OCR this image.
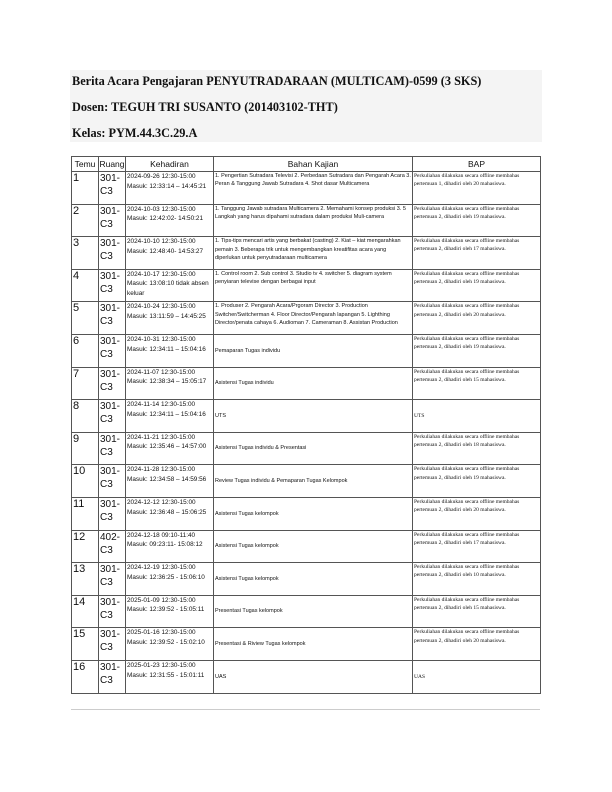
Berita Acara Pengajaran PENYUTRADARAAN (MULTICAM)-0599 (3 SKS)
Dosen: TEGUH TRI SUSANTO (201403102-THT)
Kelas: PYM.44.3C.29.A
Temu	Ruang	Kehadiran	Bahan Kajian	BAP
1	301-C3	2024-09-26 12:30-15:00
Masuk: 12:33:14 – 14:45:21	1. Pengertian Sutradara Televisi 2. Perbedaan Sutradara dan Pengarah Acara 3. Peran & Tanggung Jawab Sutradara 4. Shot dasar Multicamera	Perkuliahan dilakukan secara offline membahas pertemuan 1, dihadiri oleh 20 mahasiswa.
2	301-C3	2024-10-03 12:30-15:00
Masuk: 12:42:02- 14:50:21	1. Tanggung Jawab sutradara Multicamera 2. Memahami konsep produksi 3. 5 Langkah yang harus dipahami sutradara dalam produksi Muli-camera	Perkuliahan dilakukan secara offline membahas pertemuan 2, dihadiri oleh 19 mahasiswa.
3	301-C3	2024-10-10 12:30-15:00
Masuk: 12:48:40- 14:53:27	1. Tips-tips mencari artis yang berbakat (casting) 2. Kiat – kiat mengarahkan pemain 3. Beberapa trik untuk mengembangkan kreatifitas acara yang diperlukan untuk penyutradaraan multicamera	Perkuliahan dilakukan secara offline membahas pertemuan 2, dihadiri oleh 17 mahasiswa.
4	301-C3	2024-10-17 12:30-15:00
Masuk: 13:08:10 tidak absen keluar	1. Control room 2. Sub control 3. Studio tv 4. switcher 5. diagram system penyiaran televise dengan berbagai input	Perkuliahan dilakukan secara offline membahas pertemuan 2, dihadiri oleh 19 mahasiswa.
5	301-C3	2024-10-24 12:30-15:00
Masuk: 13:11:59 – 14:45:25	1. Produser 2. Pengarah Acara/Prgoram Director 3. Production Switcher/Switcherman 4. Floor Director/Pengarah lapangan 5. Lighthing Director/penata cahaya 6. Audioman 7. Cameraman 8. Assistan Production	Perkuliahan dilakukan secara offline membahas pertemuan 2, dihadiri oleh 20 mahasiswa.
6	301-C3	2024-10-31 12:30-15:00
Masuk: 12:34:11 – 15:04:16	Pemaparan Tugas individu	Perkuliahan dilakukan secara offline membahas pertemuan 2, dihadiri oleh 19 mahasiswa.
7	301-C3	2024-11-07 12:30-15:00
Masuk: 12:38:34 – 15:05:17	Asistensi Tugas individu	Perkuliahan dilakukan secara offline membahas pertemuan 2, dihadiri oleh 15 mahasiswa.
8	301-C3	2024-11-14 12:30-15:00
Masuk: 12:34:11 – 15:04:16	UTS	UTS
9	301-C3	2024-11-21 12:30-15:00
Masuk: 12:35:46 – 14:57:00	Asistensi Tugas individu & Presentasi	Perkuliahan dilakukan secara offline membahas pertemuan 2, dihadiri oleh 18 mahasiswa.
10	301-C3	2024-11-28 12:30-15:00
Masuk: 12:34:58 – 14:59:56	Review Tugas individu & Pemaparan Tugas Kelompok	Perkuliahan dilakukan secara offline membahas pertemuan 2, dihadiri oleh 19 mahasiswa.
11	301-C3	2024-12-12 12:30-15:00
Masuk: 12:36:48 – 15:06:25	Asistensi Tugas kelompok	Perkuliahan dilakukan secara offline membahas pertemuan 2, dihadiri oleh 20 mahasiswa.
12	402-C3	2024-12-18 09:10-11:40
Masuk: 09:23:11- 15:08:12	Asistensi Tugas kelompok	Perkuliahan dilakukan secara offline membahas pertemuan 2, dihadiri oleh 17 mahasiswa.
13	301-C3	2024-12-19 12:30-15:00
Masuk: 12:36:25 - 15:06:10	Asistensi Tugas kelompok	Perkuliahan dilakukan secara offline membahas pertemuan 2, dihadiri oleh 10 mahasiswa.
14	301-C3	2025-01-09 12:30-15:00
Masuk: 12:39:52 - 15:05:11	Presentasi Tugas kelompok	Perkuliahan dilakukan secara offline membahas pertemuan 2, dihadiri oleh 15 mahasiswa.
15	301-C3	2025-01-16 12:30-15:00
Masuk: 12:39:52 - 15:02:10	Presentasi & Riview Tugas kelompok	Perkuliahan dilakukan secara offline membahas pertemuan 2, dihadiri oleh 20 mahasiswa.
16	301-C3	2025-01-23 12:30-15:00
Masuk: 12:31:55 - 15:01:11	UAS	UAS
